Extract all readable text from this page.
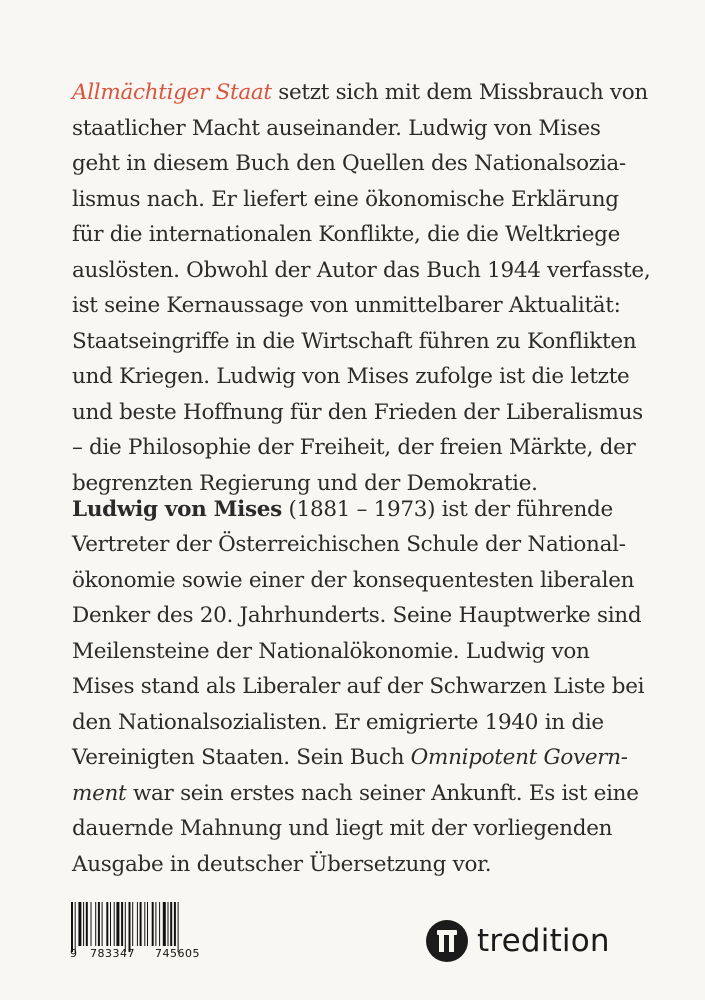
Allmächtiger Staat setzt sich mit dem Missbrauch von
staatlicher Macht auseinander. Ludwig von Mises
geht in diesem Buch den Quellen des Nationalsozia-
lismus nach. Er liefert eine ökonomische Erklärung
für die internationalen Konflikte, die die Weltkriege
auslösten. Obwohl der Autor das Buch 1944 verfasste,
ist seine Kernaussage von unmittelbarer Aktualität:
Staatseingriffe in die Wirtschaft führen zu Konflikten
und Kriegen. Ludwig von Mises zufolge ist die letzte
und beste Hoffnung für den Frieden der Liberalismus
– die Philosophie der Freiheit, der freien Märkte, der
begrenzten Regierung und der Demokratie.
Ludwig von Mises (1881 – 1973) ist der führende
Vertreter der Österreichischen Schule der National-
ökonomie sowie einer der konsequentesten liberalen
Denker des 20. Jahrhunderts. Seine Hauptwerke sind
Meilensteine der Nationalökonomie. Ludwig von
Mises stand als Liberaler auf der Schwarzen Liste bei
den Nationalsozialisten. Er emigrierte 1940 in die
Vereinigten Staaten. Sein Buch Omnipotent Govern-
ment war sein erstes nach seiner Ankunft. Es ist eine
dauernde Mahnung und liegt mit der vorliegenden
Ausgabe in deutscher Übersetzung vor.
9 783347 745605	tredition
